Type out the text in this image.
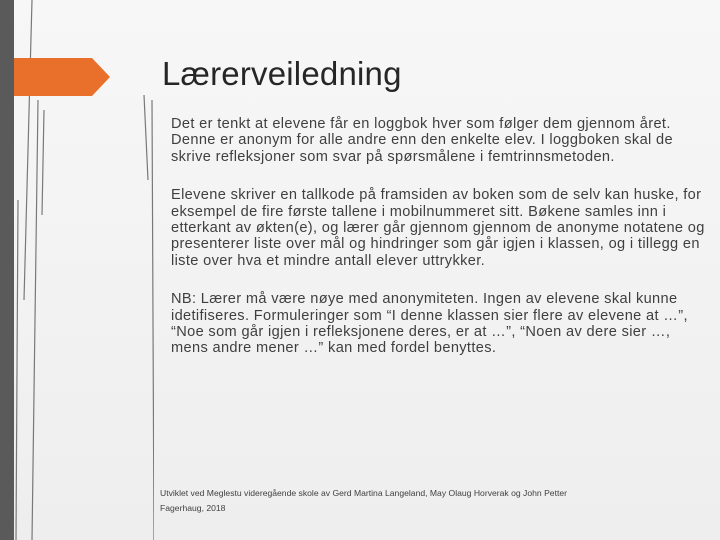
Lærerveiledning

Det er tenkt at elevene får en loggbok hver som følger dem gjennom året. Denne er anonym for alle andre enn den enkelte elev. I loggboken skal de skrive refleksjoner som svar på spørsmålene i femtrinnsmetoden.

Elevene skriver en tallkode på framsiden av boken som de selv kan huske, for eksempel de fire første tallene i mobilnummeret sitt. Bøkene samles inn i etterkant av økten(e), og lærer går gjennom gjennom de anonyme notatene og presenterer liste over mål og hindringer som går igjen i klassen, og i tillegg en liste over hva et mindre antall elever uttrykker.

NB: Lærer må være nøye med anonymiteten. Ingen av elevene skal kunne idetifiseres. Formuleringer som “I denne klassen sier flere av elevene at …”, “Noe som går igjen i refleksjonene deres, er at …”, “Noen av dere sier …, mens andre mener …” kan med fordel benyttes.

Utviklet ved Meglestu videregående skole av Gerd Martina Langeland, May Olaug Horverak og John Petter Fagerhaug, 2018
